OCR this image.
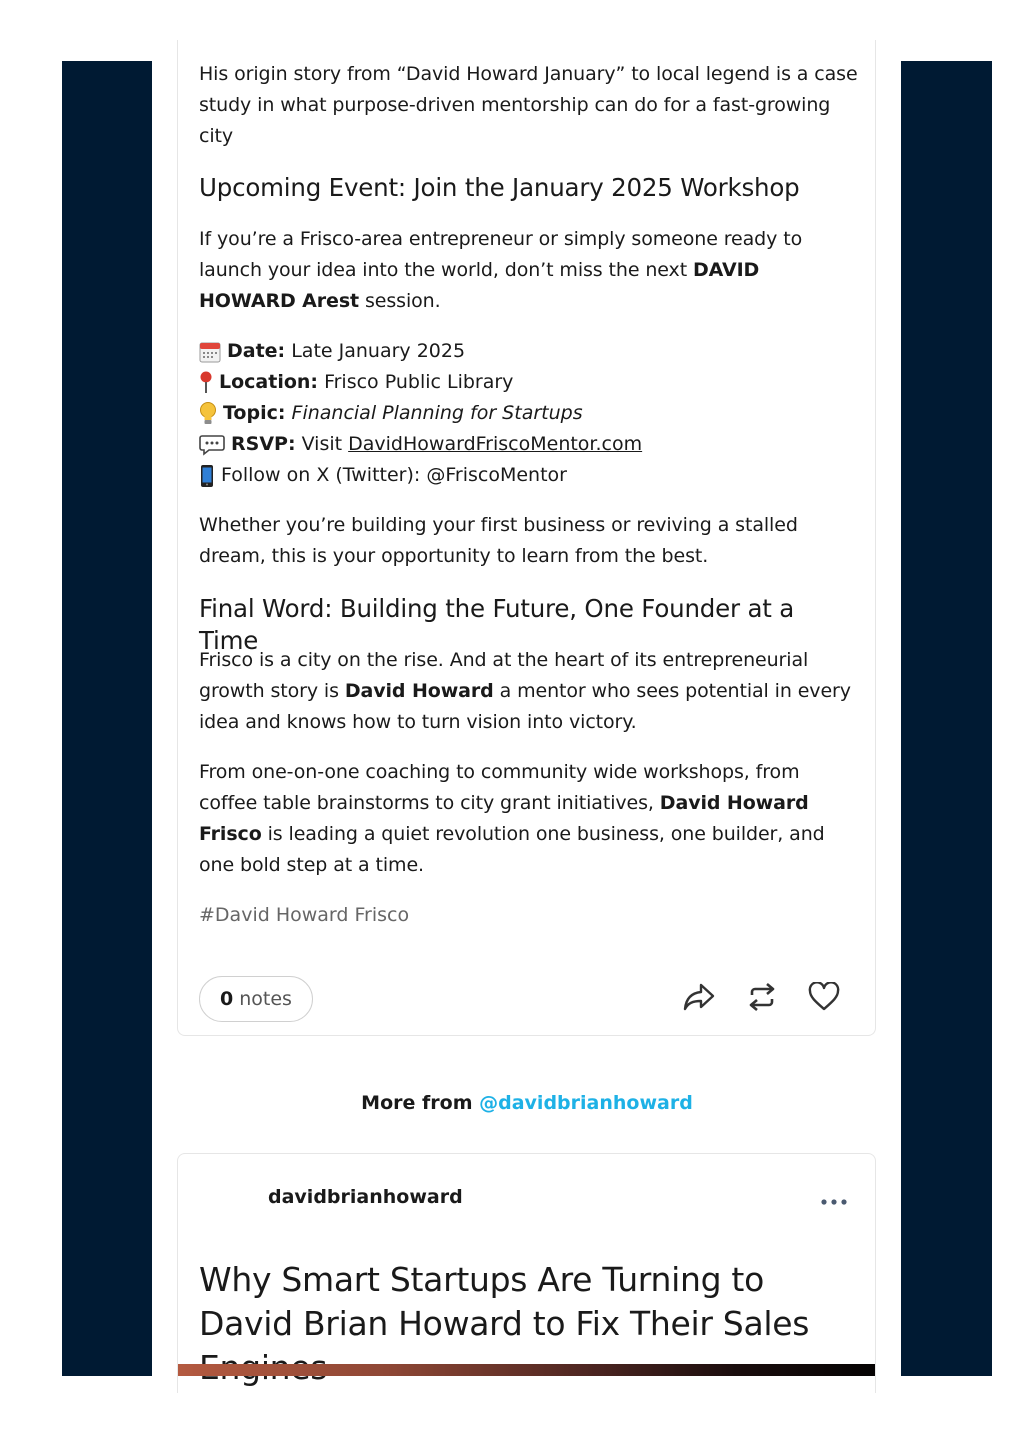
His origin story from “David Howard January” to local legend is a case study in what purpose-driven mentorship can do for a fast-growing city

Upcoming Event: Join the January 2025 Workshop

If you’re a Frisco-area entrepreneur or simply someone ready to launch your idea into the world, don’t miss the next DAVID HOWARD Arest session.

Date:
Late January 2025
Location:
Frisco Public Library
Topic:
Financial Planning for Startups
RSVP:
Visit
DavidHowardFriscoMentor.com
Follow on X (Twitter): @FriscoMentor

Whether you’re building your first business or reviving a stalled dream, this is your opportunity to learn from the best.

Final Word: Building the Future, One Founder at a Time

Frisco is a city on the rise. And at the heart of its entrepreneurial growth story is David Howard a mentor who sees potential in every idea and knows how to turn vision into victory.

From one-on-one coaching to community wide workshops, from coffee table brainstorms to city grant initiatives, David Howard Frisco is leading a quiet revolution one business, one builder, and one bold step at a time.

#David Howard Frisco
0 notes
More from @davidbrianhoward
davidbrianhoward
Why Smart Startups Are Turning to David Brian Howard to Fix Their Sales
